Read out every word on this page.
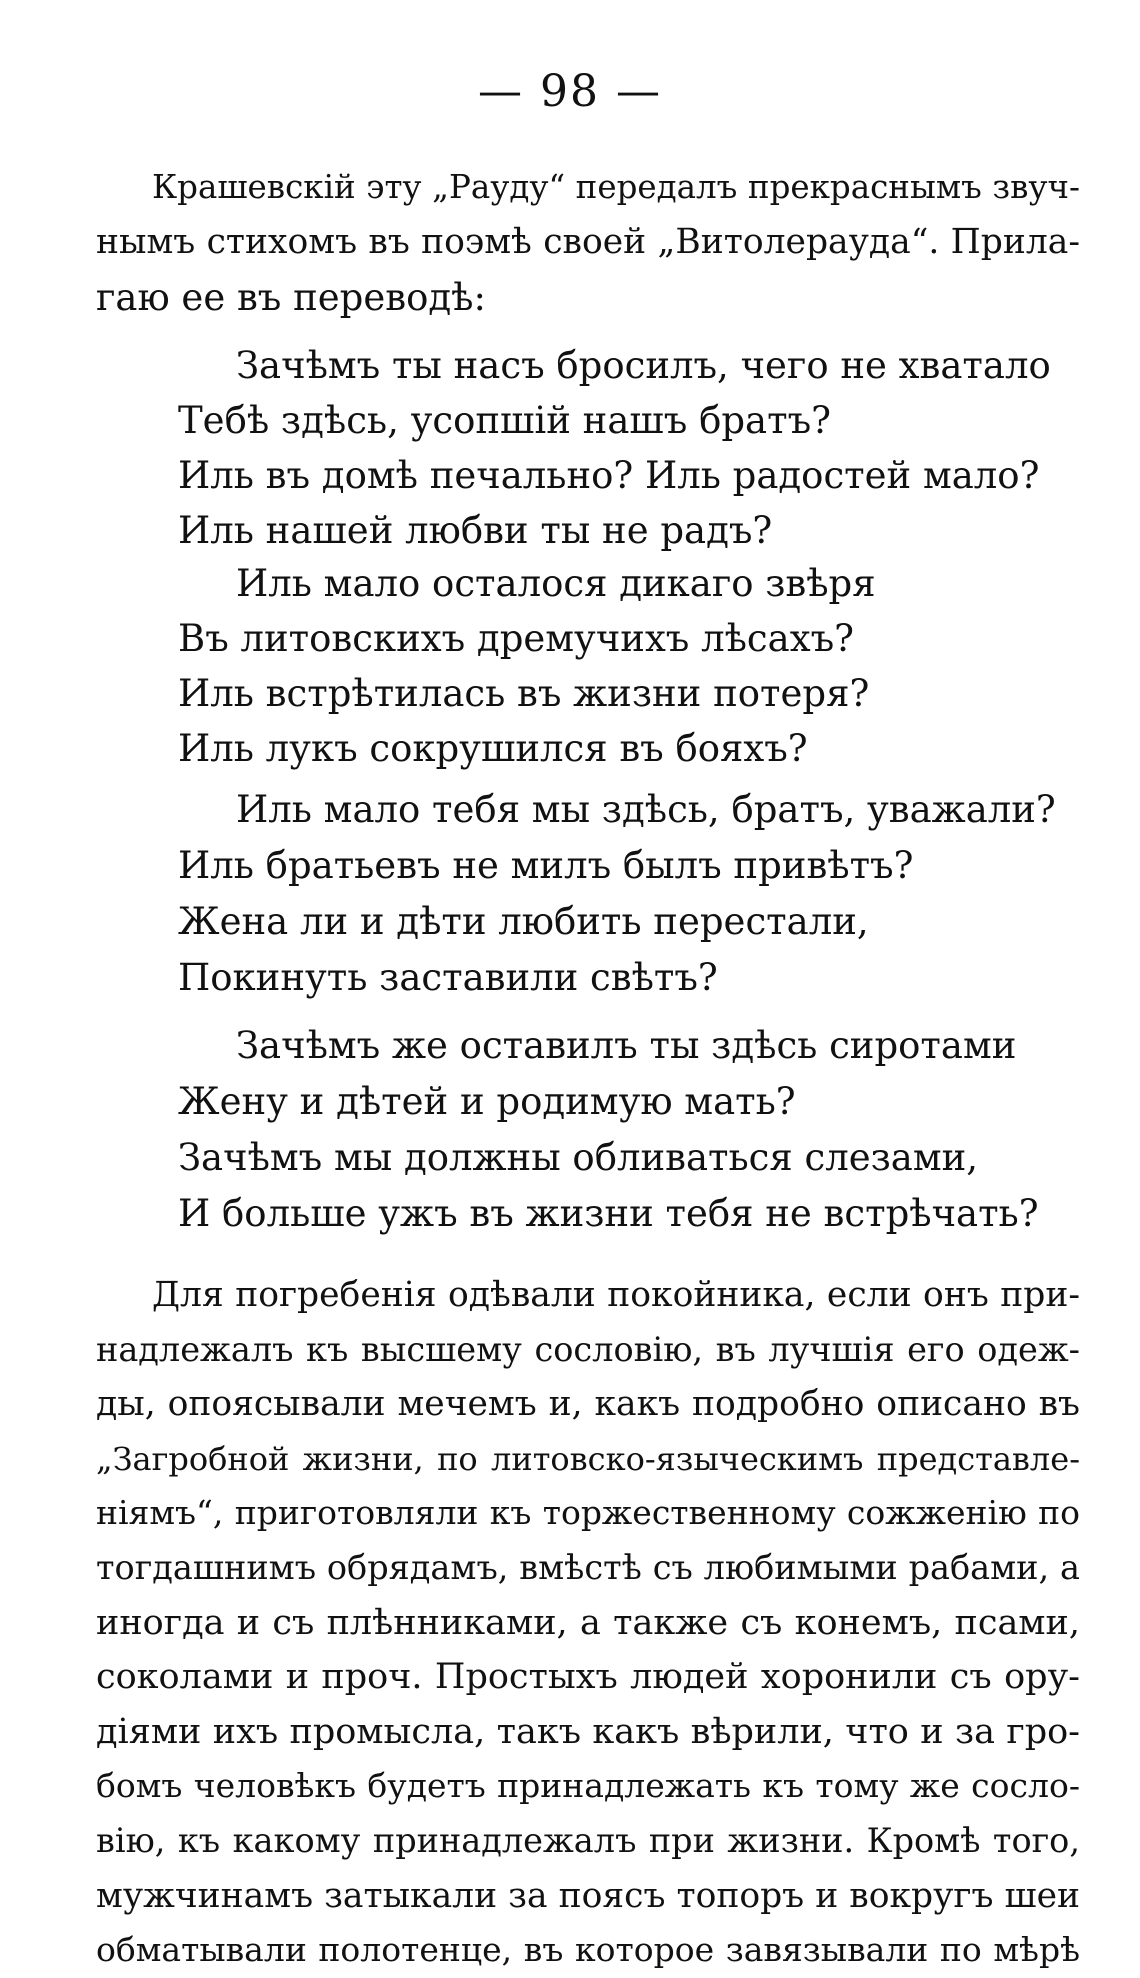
— 98 —
Крашевскій эту „Рауду“ передалъ прекраснымъ звуч-
нымъ стихомъ въ поэмѣ своей „Витолерауда“. Прила-
гаю ее въ переводѣ:
Зачѣмъ ты насъ бросилъ, чего не хватало
Тебѣ здѣсь, усопшій нашъ братъ?
Иль въ домѣ печально? Иль радостей мало?
Иль нашей любви ты не радъ?
Иль мало осталося дикаго звѣря
Въ литовскихъ дремучихъ лѣсахъ?
Иль встрѣтилась въ жизни потеря?
Иль лукъ сокрушился въ бояхъ?
Иль мало тебя мы здѣсь, братъ, уважали?
Иль братьевъ не милъ былъ привѣтъ?
Жена ли и дѣти любить перестали,
Покинуть заставили свѣтъ?
Зачѣмъ же оставилъ ты здѣсь сиротами
Жену и дѣтей и родимую мать?
Зачѣмъ мы должны обливаться слезами,
И больше ужъ въ жизни тебя не встрѣчать?
Для погребенія одѣвали покойника, если онъ при-
надлежалъ къ высшему сословію, въ лучшія его одеж-
ды, опоясывали мечемъ и, какъ подробно описано въ
„Загробной жизни, по литовско-языческимъ представле-
ніямъ“, приготовляли къ торжественному сожженію по
тогдашнимъ обрядамъ, вмѣстѣ съ любимыми рабами, а
иногда и съ плѣнниками, а также съ конемъ, псами,
соколами и проч. Простыхъ людей хоронили съ ору-
діями ихъ промысла, такъ какъ вѣрили, что и за гро-
бомъ человѣкъ будетъ принадлежать къ тому же сосло-
вію, къ какому принадлежалъ при жизни. Кромѣ того,
мужчинамъ затыкали за поясъ топоръ и вокругъ шеи
обматывали полотенце, въ которое завязывали по мѣрѣ
